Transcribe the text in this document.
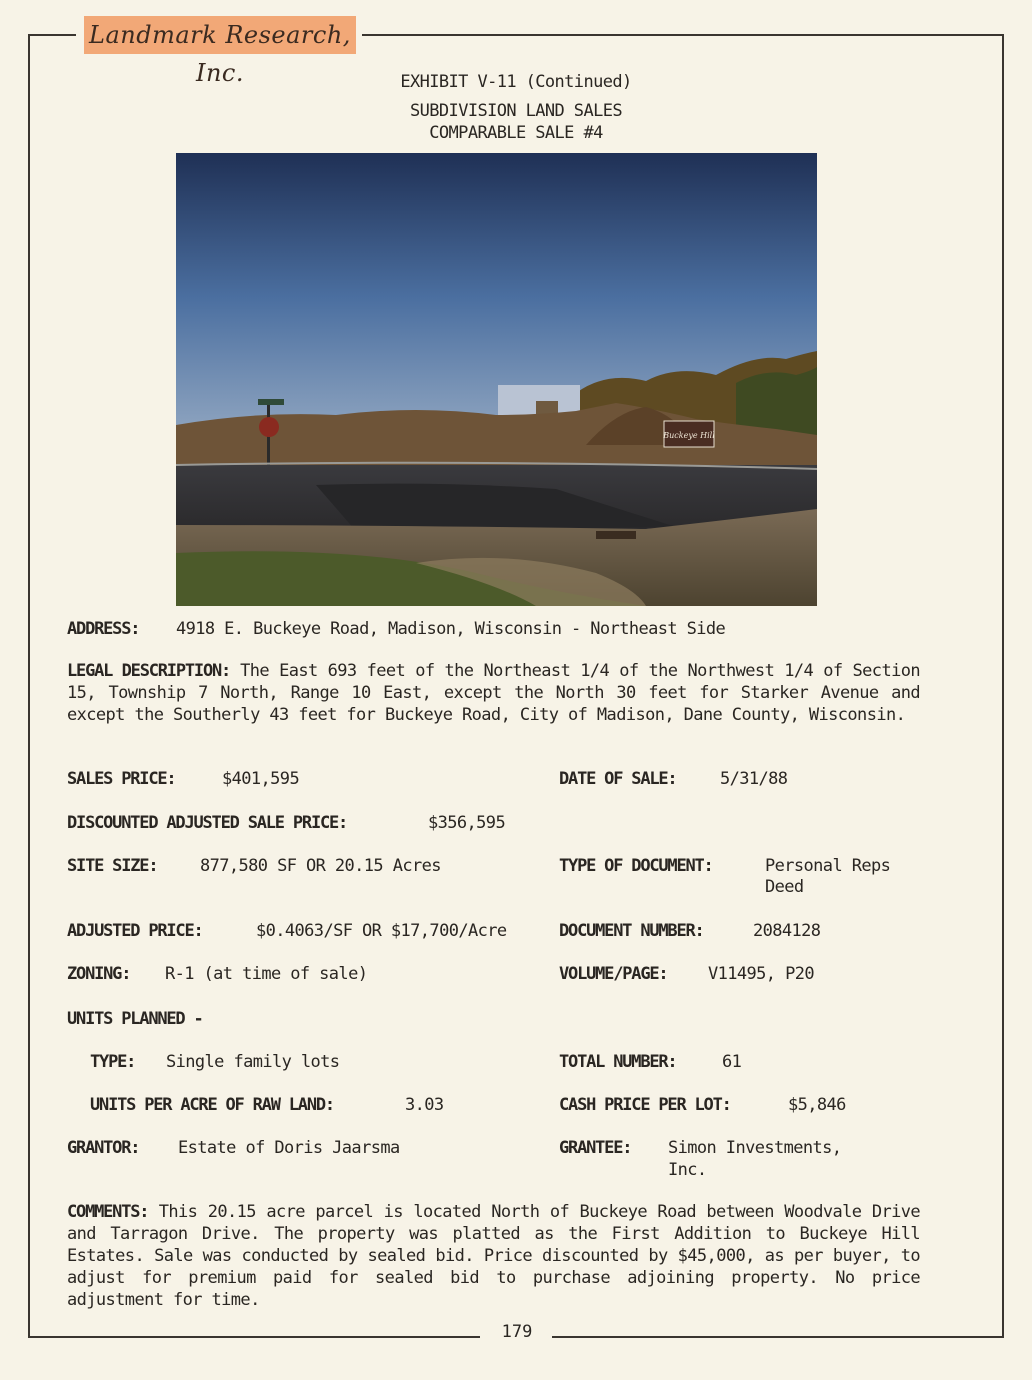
Landmark Research, Inc.	EXHIBIT V-11 (Continued)
SUBDIVISION LAND SALES
COMPARABLE SALE #4
Buckeye Hill
ADDRESS: 4918 E. Buckeye Road, Madison, Wisconsin - Northeast Side
LEGAL DESCRIPTION: The East 693 feet of the Northeast 1/4 of the Northwest 1/4 of Section 15, Township 7 North, Range 10 East, except the North 30 feet for Starker Avenue and except the Southerly 43 feet for Buckeye Road, City of Madison, Dane County, Wisconsin.
SALES PRICE:	$401,595	DATE OF SALE:	5/31/88
DISCOUNTED ADJUSTED SALE PRICE:	$356,595
SITE SIZE:	877,580 SF OR 20.15 Acres	TYPE OF DOCUMENT:	Personal Reps
Deed
ADJUSTED PRICE:	$0.4063/SF OR $17,700/Acre	DOCUMENT NUMBER:	2084128
ZONING: R-1 (at time of sale)	VOLUME/PAGE: V11495, P20
UNITS PLANNED -
TYPE: Single family lots	TOTAL NUMBER:	61
UNITS PER ACRE OF RAW LAND:	3.03	CASH PRICE PER LOT:	$5,846
GRANTOR: Estate of Doris Jaarsma	GRANTEE: Simon Investments,
Inc.
COMMENTS: This 20.15 acre parcel is located North of Buckeye Road between Woodvale Drive and Tarragon Drive. The property was platted as the First Addition to Buckeye Hill Estates. Sale was conducted by sealed bid. Price discounted by $45,000, as per buyer, to adjust for premium paid for sealed bid to purchase adjoining property. No price adjustment for time.
179
